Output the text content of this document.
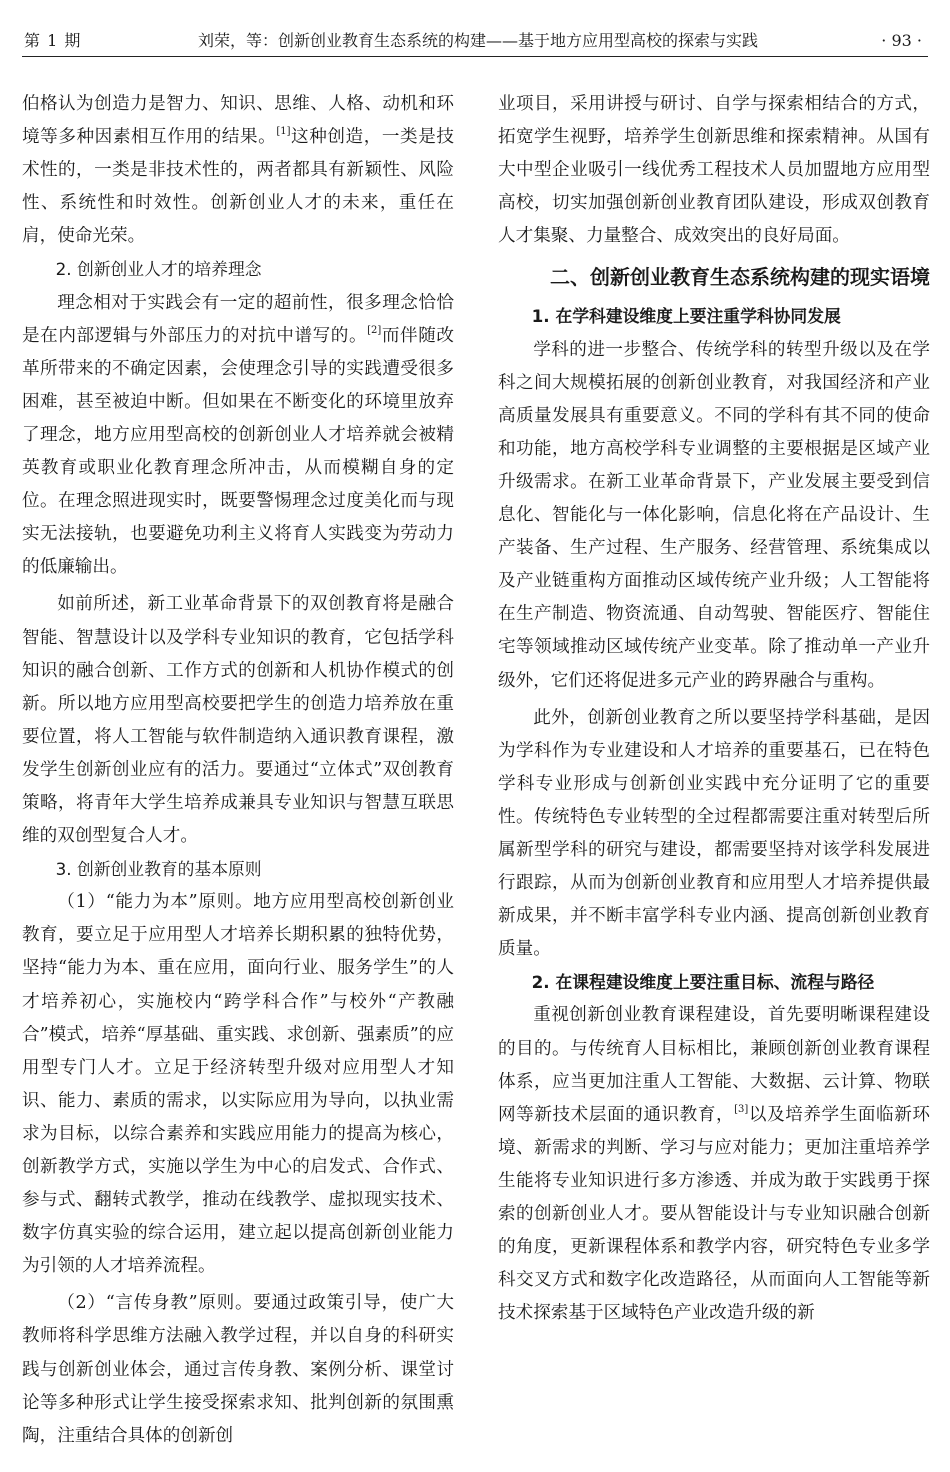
第 1 期	刘荣，等：创新创业教育生态系统的构建——基于地方应用型高校的探索与实践	· 93 ·

伯格认为创造力是智力、知识、思维、人格、动机和环境等多种因素相互作用的结果。[1]这种创造，一类是技术性的，一类是非技术性的，两者都具有新颖性、风险性、系统性和时效性。创新创业人才的未来，重任在肩，使命光荣。

2. 创新创业人才的培养理念

理念相对于实践会有一定的超前性，很多理念恰恰是在内部逻辑与外部压力的对抗中谱写的。[2]而伴随改革所带来的不确定因素，会使理念引导的实践遭受很多困难，甚至被迫中断。但如果在不断变化的环境里放弃了理念，地方应用型高校的创新创业人才培养就会被精英教育或职业化教育理念所冲击，从而模糊自身的定位。在理念照进现实时，既要警惕理念过度美化而与现实无法接轨，也要避免功利主义将育人实践变为劳动力的低廉输出。

如前所述，新工业革命背景下的双创教育将是融合智能、智慧设计以及学科专业知识的教育，它包括学科知识的融合创新、工作方式的创新和人机协作模式的创新。所以地方应用型高校要把学生的创造力培养放在重要位置，将人工智能与软件制造纳入通识教育课程，激发学生创新创业应有的活力。要通过“立体式”双创教育策略，将青年大学生培养成兼具专业知识与智慧互联思维的双创型复合人才。

3. 创新创业教育的基本原则

（1）“能力为本”原则。地方应用型高校创新创业教育，要立足于应用型人才培养长期积累的独特优势，坚持“能力为本、重在应用，面向行业、服务学生”的人才培养初心，实施校内“跨学科合作”与校外“产教融合”模式，培养“厚基础、重实践、求创新、强素质”的应用型专门人才。立足于经济转型升级对应用型人才知识、能力、素质的需求，以实际应用为导向，以执业需求为目标，以综合素养和实践应用能力的提高为核心，创新教学方式，实施以学生为中心的启发式、合作式、参与式、翻转式教学，推动在线教学、虚拟现实技术、数字仿真实验的综合运用，建立起以提高创新创业能力为引领的人才培养流程。

（2）“言传身教”原则。要通过政策引导，使广大教师将科学思维方法融入教学过程，并以自身的科研实践与创新创业体会，通过言传身教、案例分析、课堂讨论等多种形式让学生接受探索求知、批判创新的氛围熏陶，注重结合具体的创新创

业项目，采用讲授与研讨、自学与探索相结合的方式，拓宽学生视野，培养学生创新思维和探索精神。从国有大中型企业吸引一线优秀工程技术人员加盟地方应用型高校，切实加强创新创业教育团队建设，形成双创教育人才集聚、力量整合、成效突出的良好局面。

二、创新创业教育生态系统构建的现实语境
1. 在学科建设维度上要注重学科协同发展

学科的进一步整合、传统学科的转型升级以及在学科之间大规模拓展的创新创业教育，对我国经济和产业高质量发展具有重要意义。不同的学科有其不同的使命和功能，地方高校学科专业调整的主要根据是区域产业升级需求。在新工业革命背景下，产业发展主要受到信息化、智能化与一体化影响，信息化将在产品设计、生产装备、生产过程、生产服务、经营管理、系统集成以及产业链重构方面推动区域传统产业升级；人工智能将在生产制造、物资流通、自动驾驶、智能医疗、智能住宅等领域推动区域传统产业变革。除了推动单一产业升级外，它们还将促进多元产业的跨界融合与重构。

此外，创新创业教育之所以要坚持学科基础，是因为学科作为专业建设和人才培养的重要基石，已在特色学科专业形成与创新创业实践中充分证明了它的重要性。传统特色专业转型的全过程都需要注重对转型后所属新型学科的研究与建设，都需要坚持对该学科发展进行跟踪，从而为创新创业教育和应用型人才培养提供最新成果，并不断丰富学科专业内涵、提高创新创业教育质量。

2. 在课程建设维度上要注重目标、流程与路径

重视创新创业教育课程建设，首先要明晰课程建设的目的。与传统育人目标相比，兼顾创新创业教育课程体系，应当更加注重人工智能、大数据、云计算、物联网等新技术层面的通识教育，[3]以及培养学生面临新环境、新需求的判断、学习与应对能力；更加注重培养学生能将专业知识进行多方渗透、并成为敢于实践勇于探索的创新创业人才。要从智能设计与专业知识融合创新的角度，更新课程体系和教学内容，研究特色专业多学科交叉方式和数字化改造路径，从而面向人工智能等新技术探索基于区域特色产业改造升级的新
